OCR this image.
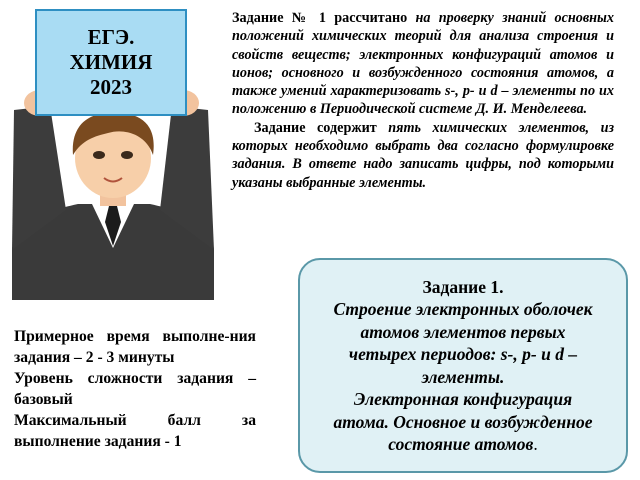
ЕГЭ.
ХИМИЯ
2023

Задание № 1 рассчитано на проверку знаний основных положений химических теорий для анализа строения и свойств веществ; электронных конфигураций атомов и ионов; основного и возбужденного состояния атомов, а также умений характеризовать s-, p- и d – элементы по их положению в Периодической системе Д. И. Менделеева.

Задание содержит пять химических элементов, из которых необходимо выбрать два согласно формулировке задания. В ответе надо записать цифры, под которыми указаны выбранные элементы.

Примерное время выполне-ния задания – 2 - 3 минуты

Уровень сложности задания – базовый

Максимальный балл за выполнение задания - 1

Задание 1.
Строение электронных оболочек
атомов элементов первых
четырех периодов: s-, p- и d –
элементы.
Электронная конфигурация
атома. Основное и возбужденное
состояние атомов.
